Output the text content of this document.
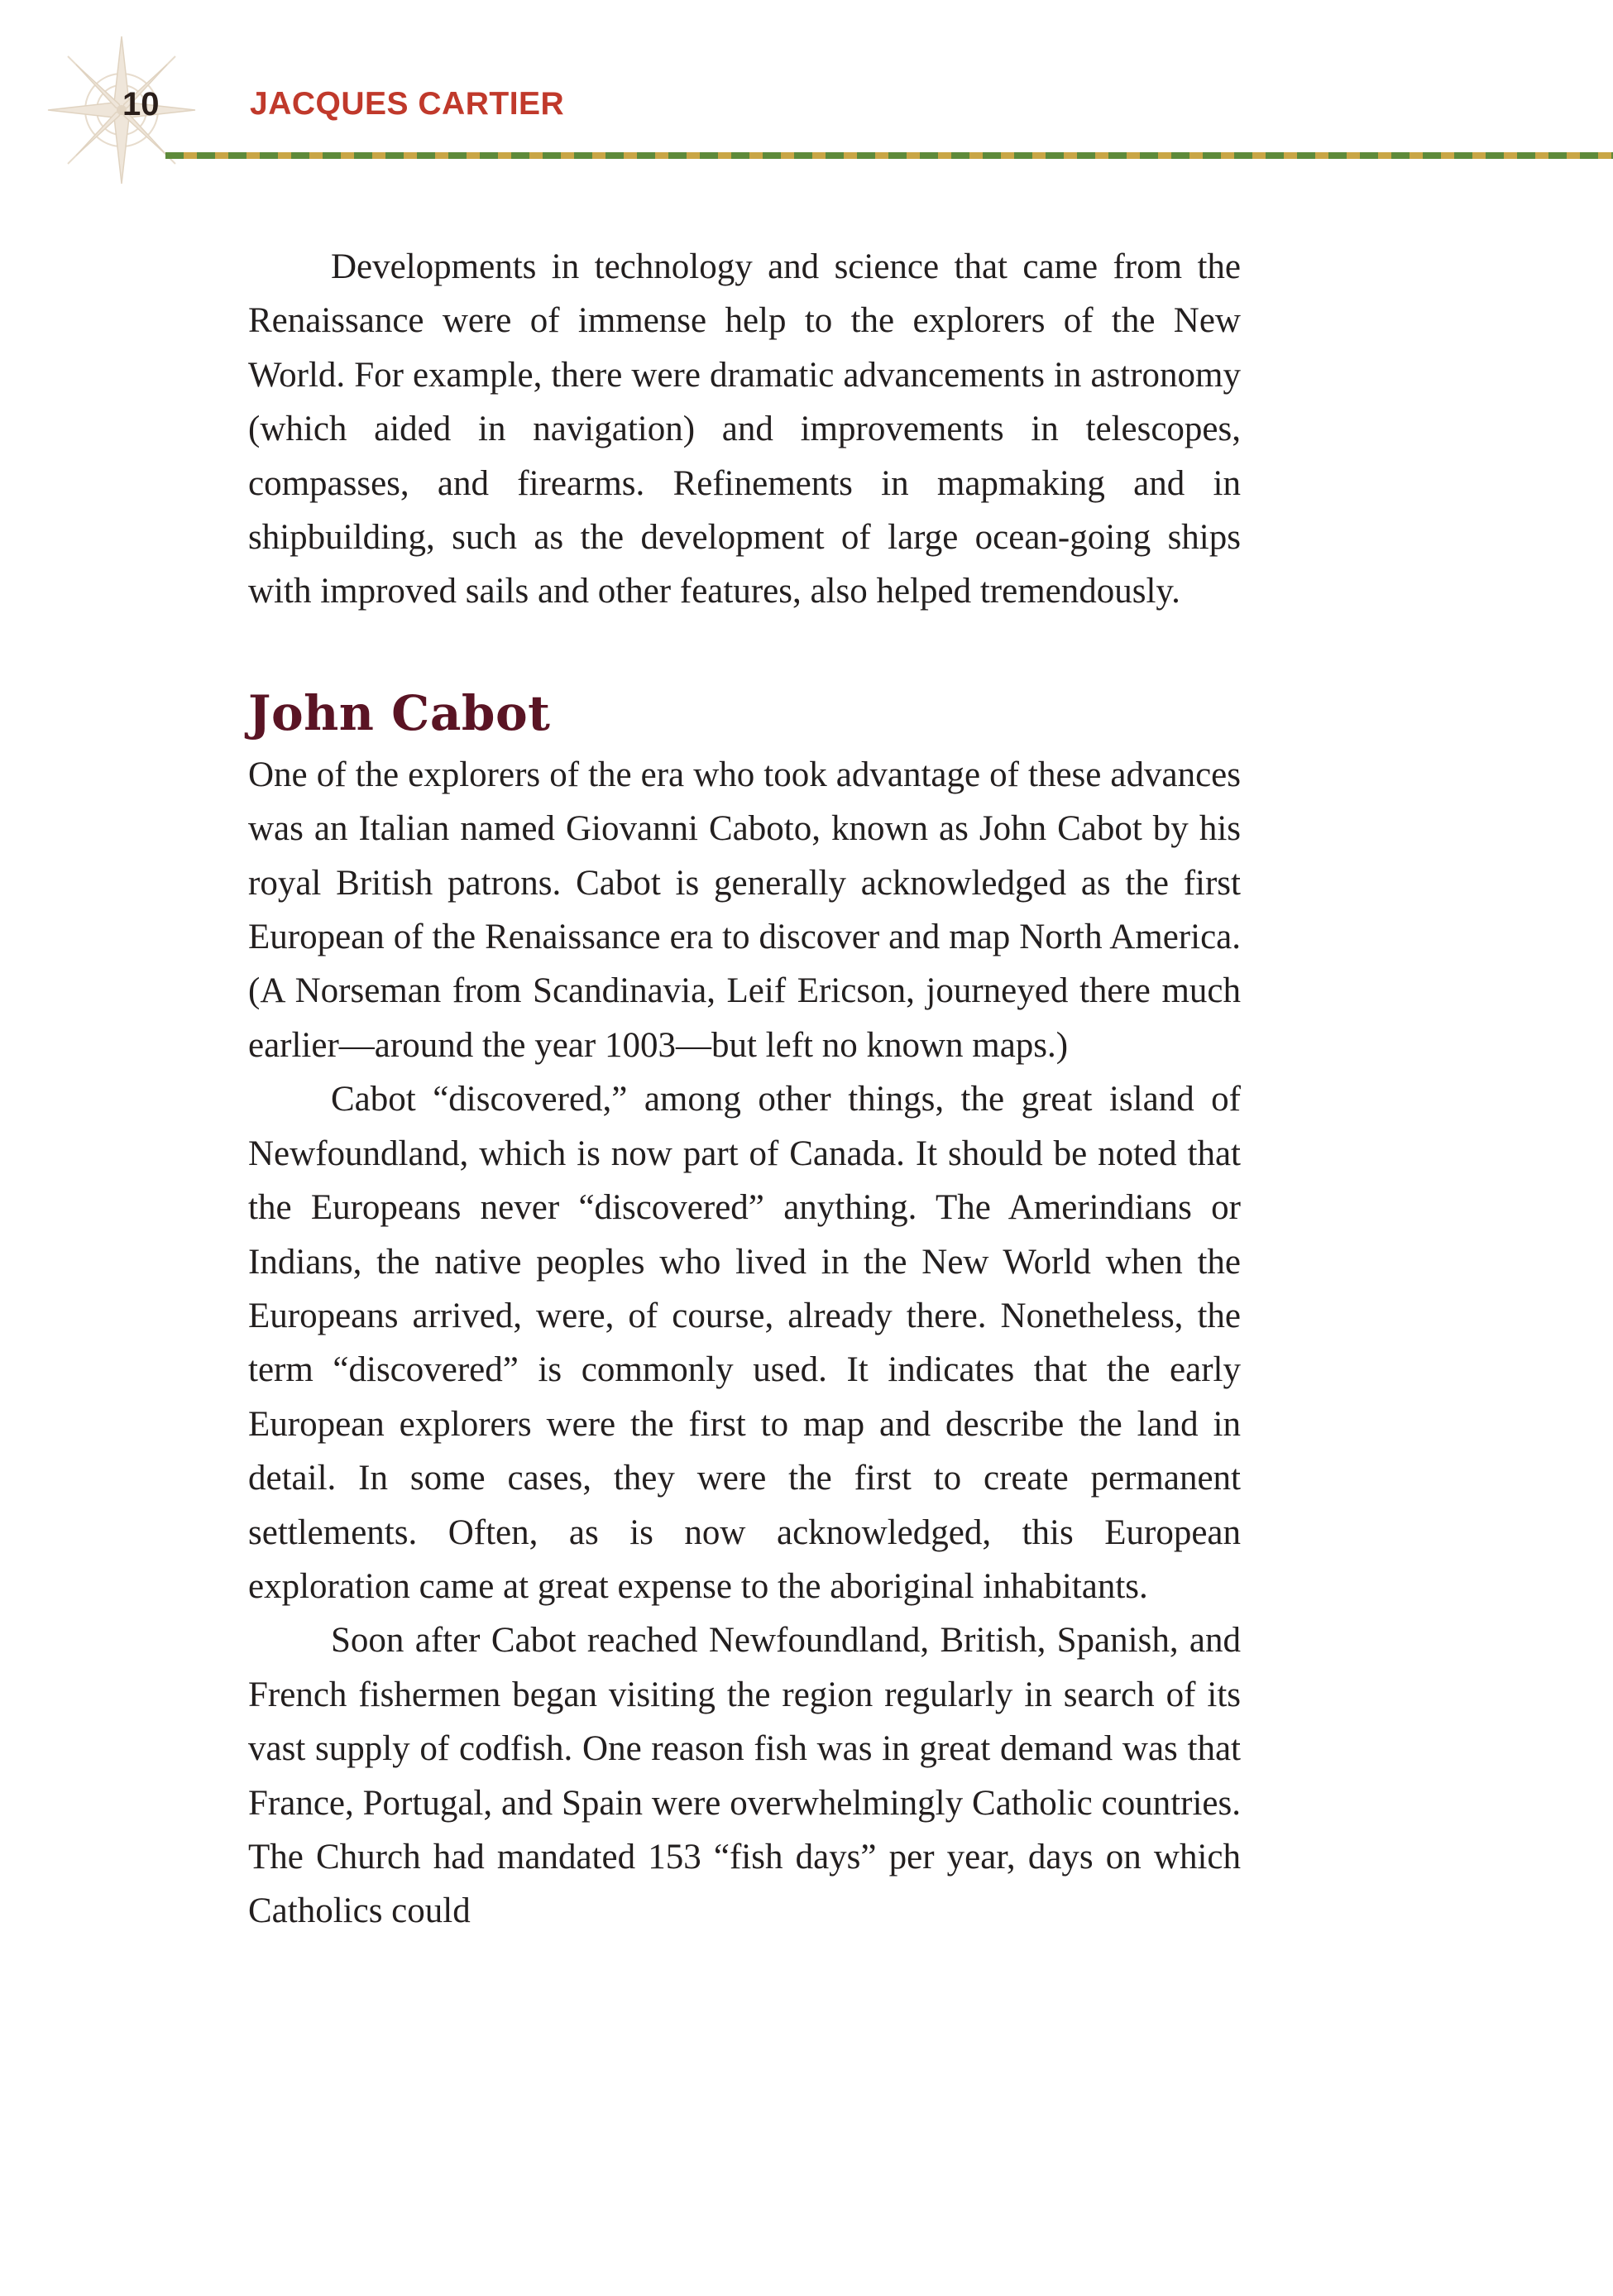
10	JACQUES CARTIER

Developments in technology and science that came from the Renaissance were of immense help to the explorers of the New World. For example, there were dramatic advancements in astronomy (which aided in navigation) and improvements in telescopes, compasses, and firearms. Refinements in mapmaking and in shipbuilding, such as the development of large ocean-going ships with improved sails and other features, also helped tremendously.

John Cabot

One of the explorers of the era who took advantage of these advances was an Italian named Giovanni Caboto, known as John Cabot by his royal British patrons. Cabot is generally acknowledged as the first European of the Renaissance era to discover and map North America. (A Norseman from Scandinavia, Leif Ericson, journeyed there much earlier—around the year 1003—but left no known maps.)

Cabot “discovered,” among other things, the great island of Newfoundland, which is now part of Canada. It should be noted that the Europeans never “discovered” anything. The Amerindians or Indians, the native peoples who lived in the New World when the Europeans arrived, were, of course, already there. Nonetheless, the term “discovered” is commonly used. It indicates that the early European explorers were the first to map and describe the land in detail. In some cases, they were the first to create permanent settlements. Often, as is now acknowledged, this European exploration came at great expense to the aboriginal inhabitants.

Soon after Cabot reached Newfoundland, British, Spanish, and French fishermen began visiting the region regularly in search of its vast supply of codfish. One reason fish was in great demand was that France, Portugal, and Spain were overwhelmingly Catholic countries. The Church had mandated 153 “fish days” per year, days on which Catholics could
